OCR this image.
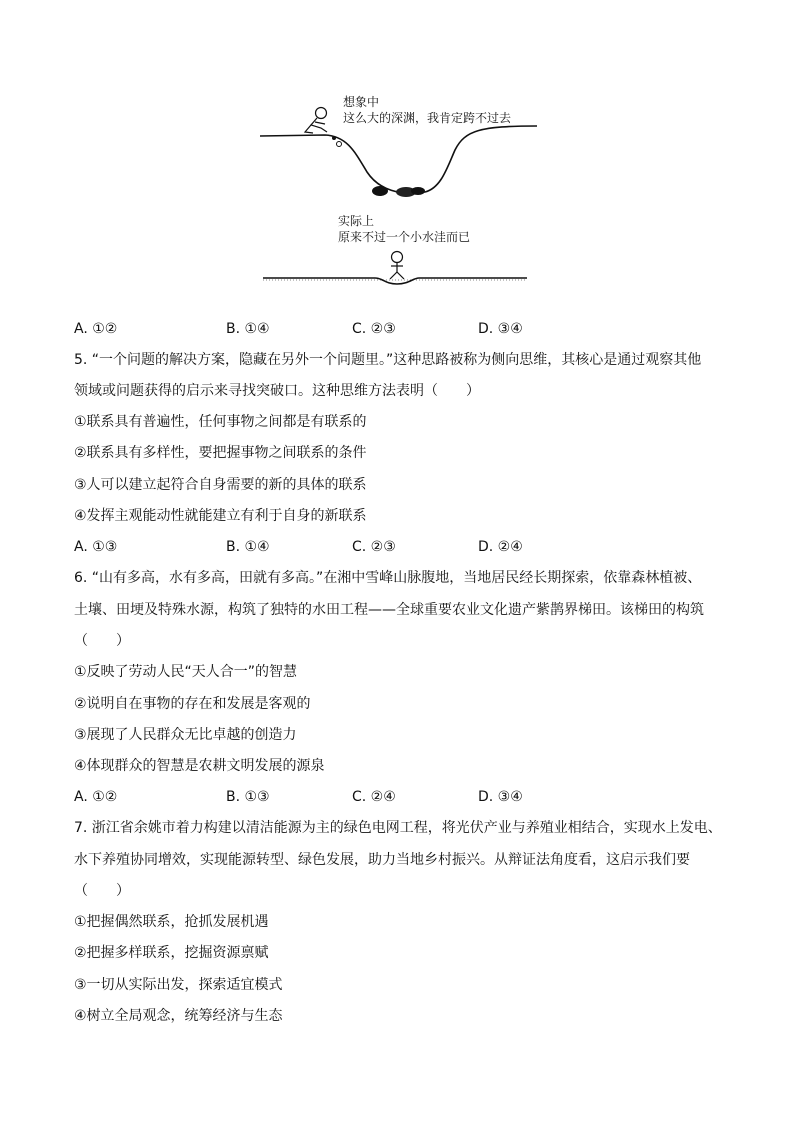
想象中
这么大的深渊，我肯定跨不过去
实际上
原来不过一个小水洼而已
A. ①②	B. ①④	C. ②③	D. ③④
5. “一个问题的解决方案，隐藏在另外一个问题里。”这种思路被称为侧向思维，其核心是通过观察其他
领域或问题获得的启示来寻找突破口。这种思维方法表明（　　）
①联系具有普遍性，任何事物之间都是有联系的
②联系具有多样性，要把握事物之间联系的条件
③人可以建立起符合自身需要的新的具体的联系
④发挥主观能动性就能建立有利于自身的新联系
A. ①③	B. ①④	C. ②③	D. ②④
6. “山有多高，水有多高，田就有多高。”在湘中雪峰山脉腹地，当地居民经长期探索，依靠森林植被、
土壤、田埂及特殊水源，构筑了独特的水田工程——全球重要农业文化遗产紫鹊界梯田。该梯田的构筑
（　　）
①反映了劳动人民“天人合一”的智慧
②说明自在事物的存在和发展是客观的
③展现了人民群众无比卓越的创造力
④体现群众的智慧是农耕文明发展的源泉
A. ①②	B. ①③	C. ②④	D. ③④
7. 浙江省余姚市着力构建以清洁能源为主的绿色电网工程，将光伏产业与养殖业相结合，实现水上发电、
水下养殖协同增效，实现能源转型、绿色发展，助力当地乡村振兴。从辩证法角度看，这启示我们要
（　　）
①把握偶然联系，抢抓发展机遇
②把握多样联系，挖掘资源禀赋
③一切从实际出发，探索适宜模式
④树立全局观念，统筹经济与生态
